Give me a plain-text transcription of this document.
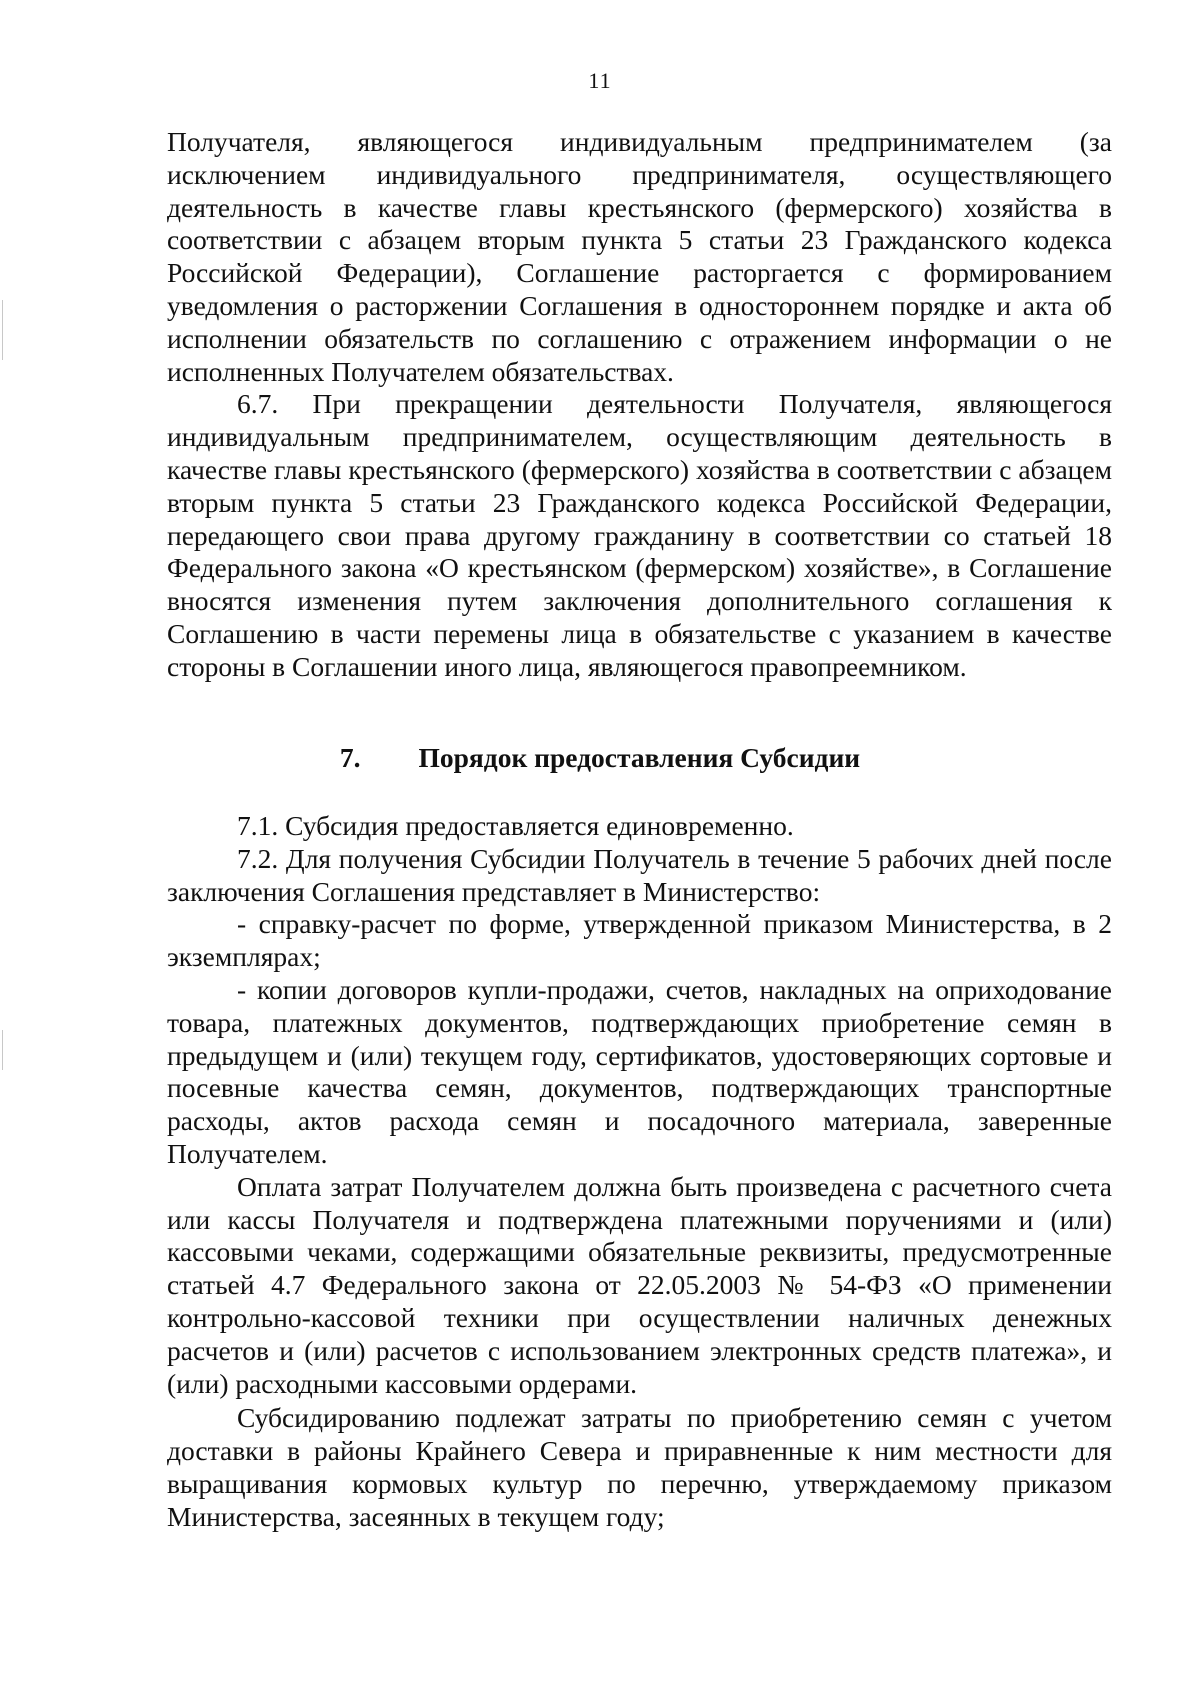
11

Получателя, являющегося индивидуальным предпринимателем (за исключением индивидуального предпринимателя, осуществляющего деятельность в качестве главы крестьянского (фермерского) хозяйства в соответствии с абзацем вторым пункта 5 статьи 23 Гражданского кодекса Российской Федерации), Соглашение расторгается с формированием уведомления о расторжении Соглашения в одностороннем порядке и акта об исполнении обязательств по соглашению с отражением информации о не исполненных Получателем обязательствах.

6.7. При прекращении деятельности Получателя, являющегося индивидуальным предпринимателем, осуществляющим деятельность в качестве главы крестьянского (фермерского) хозяйства в соответствии с абзацем вторым пункта 5 статьи 23 Гражданского кодекса Российской Федерации, передающего свои права другому гражданину в соответствии со статьей 18 Федерального закона «О крестьянском (фермерском) хозяйстве», в Соглашение вносятся изменения путем заключения дополнительного соглашения к Соглашению в части перемены лица в обязательстве с указанием в качестве стороны в Соглашении иного лица, являющегося правопреемником.

7. Порядок предоставления Субсидии

7.1. Субсидия предоставляется единовременно.

7.2. Для получения Субсидии Получатель в течение 5 рабочих дней после заключения Соглашения представляет в Министерство:

- справку-расчет по форме, утвержденной приказом Министерства, в 2 экземплярах;

- копии договоров купли-продажи, счетов, накладных на оприходование товара, платежных документов, подтверждающих приобретение семян в предыдущем и (или) текущем году, сертификатов, удостоверяющих сортовые и посевные качества семян, документов, подтверждающих транспортные расходы, актов расхода семян и посадочного материала, заверенные Получателем.

Оплата затрат Получателем должна быть произведена с расчетного счета или кассы Получателя и подтверждена платежными поручениями и (или) кассовыми чеками, содержащими обязательные реквизиты, предусмотренные статьей 4.7 Федерального закона от 22.05.2003 № 54-ФЗ «О применении контрольно-кассовой техники при осуществлении наличных денежных расчетов и (или) расчетов с использованием электронных средств платежа», и (или) расходными кассовыми ордерами.

Субсидированию подлежат затраты по приобретению семян с учетом доставки в районы Крайнего Севера и приравненные к ним местности для выращивания кормовых культур по перечню, утверждаемому приказом Министерства, засеянных в текущем году;
